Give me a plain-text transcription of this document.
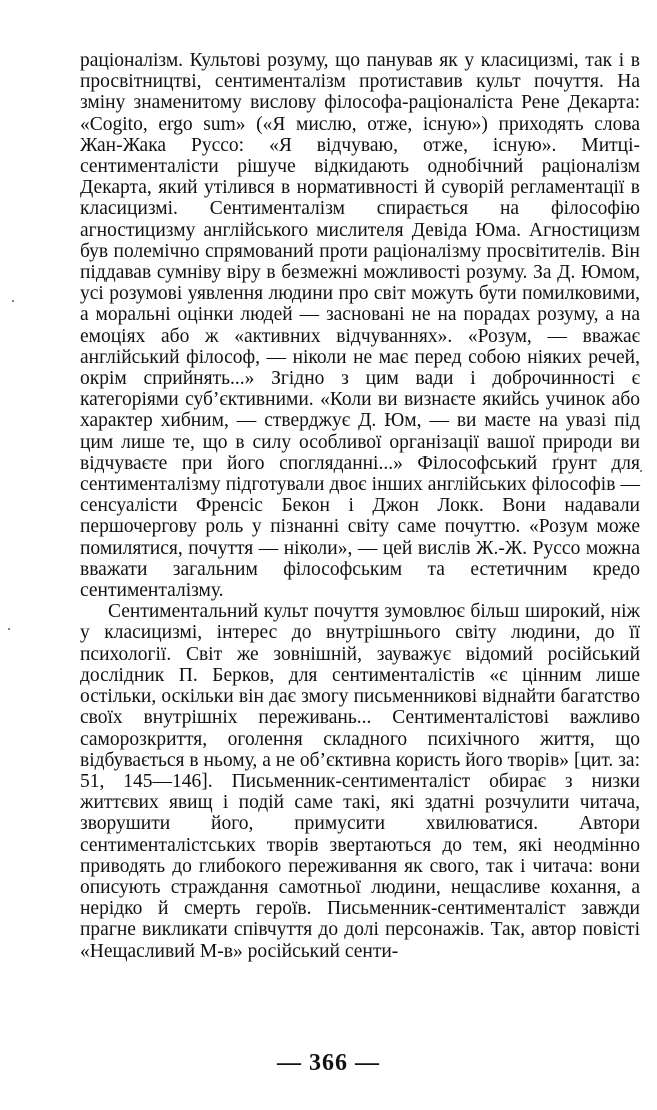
раціоналізм. Культові розуму, що панував як у класицизмі, так і в просвітництві, сентименталізм протиставив культ почуття. На зміну знаменитому вислову філософа-раціоналіста Рене Декарта: «Cogito, ergo sum» («Я мислю, отже, існую») приходять слова Жан-Жака Руссо: «Я відчуваю, отже, існую». Митці-сентименталісти рішуче відкидають однобічний раціоналізм Декарта, який утілився в нормативності й суворій регламентації в класицизмі. Сентименталізм спирається на філософію агностицизму англійського мислителя Девіда Юма. Агностицизм був полемічно спрямований проти раціоналізму просвітителів. Він піддавав сумніву віру в безмежні можливості розуму. За Д. Юмом, усі розумові уявлення людини про світ можуть бути помилковими, а моральні оцінки людей — засновані не на порадах розуму, а на емоціях або ж «активних відчуваннях». «Розум, — вважає англійський філософ, — ніколи не має перед собою ніяких речей, окрім сприйнять...» Згідно з цим вади і доброчинності є категоріями суб’єктивними. «Коли ви визнаєте якийсь учинок або характер хибним, — стверджує Д. Юм, — ви маєте на увазі під цим лише те, що в силу особливої організації вашої природи ви відчуваєте при його спогляданні...» Філософський ґрунт для сентименталізму підготували двоє інших англійських філософів — сенсуалісти Френсіс Бекон і Джон Локк. Вони надавали першочергову роль у пізнанні світу саме почуттю. «Розум може помилятися, почуття — ніколи», — цей вислів Ж.-Ж. Руссо можна вважати загальним філософським та естетичним кредо сентименталізму.

Сентиментальний культ почуття зумовлює більш широкий, ніж у класицизмі, інтерес до внутрішнього світу людини, до її психології. Світ же зовнішній, зауважує відомий російський дослідник П. Берков, для сентименталістів «є цінним лише остільки, оскільки він дає змогу письменникові віднайти багатство своїх внутрішніх переживань... Сентименталістові важливо саморозкриття, оголення складного психічного життя, що відбувається в ньому, а не об’єктивна користь його творів» [цит. за: 51, 145—146]. Письменник-сентименталіст обирає з низки життєвих явищ і подій саме такі, які здатні розчулити читача, зворушити його, примусити хвилюватися. Автори сентименталістських творів звертаються до тем, які неодмінно приводять до глибокого переживання як свого, так і читача: вони описують страждання самотньої людини, нещасливе кохання, а нерідко й смерть героїв. Письменник-сентименталіст завжди прагне викликати співчуття до долі персонажів. Так, автор повісті «Нещасливий М-в» російський сенти-

— 366 —
